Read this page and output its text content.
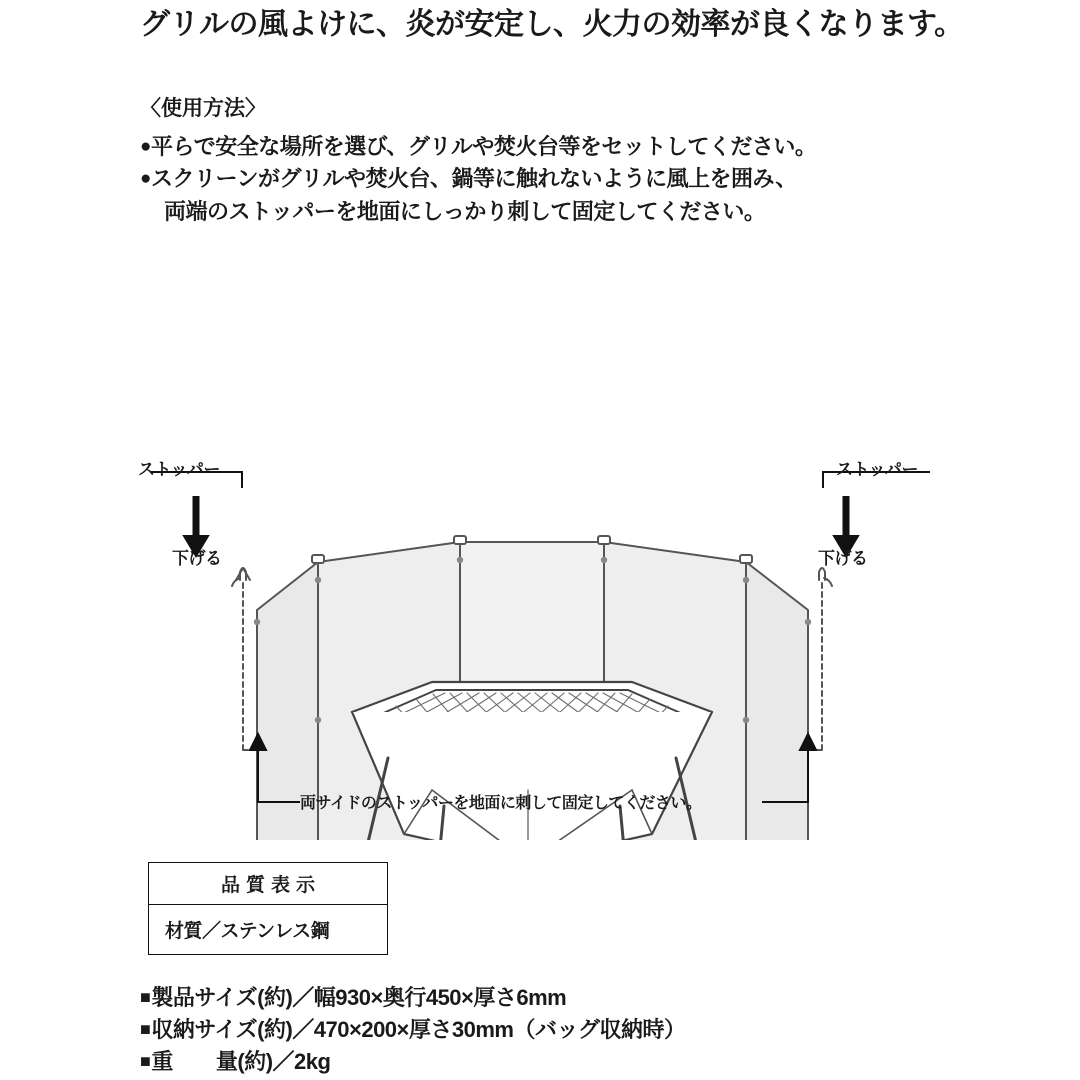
グリルの風よけに、炎が安定し、火力の効率が良くなります。
〈使用方法〉
●平らで安全な場所を選び、グリルや焚火台等をセットしてください。
●スクリーンがグリルや焚火台、鍋等に触れないように風上を囲み、
両端のストッパーを地面にしっかり刺して固定してください。
ストッパー	ストッパー
下げる	下げる
両サイドのストッパーを地面に刺して固定してください。
品質表示
材質／ステンレス鋼
■製品サイズ(約)／幅930×奥行450×厚さ6mm
■収納サイズ(約)／470×200×厚さ30mm（バッグ収納時）
■重　　量(約)／2kg
